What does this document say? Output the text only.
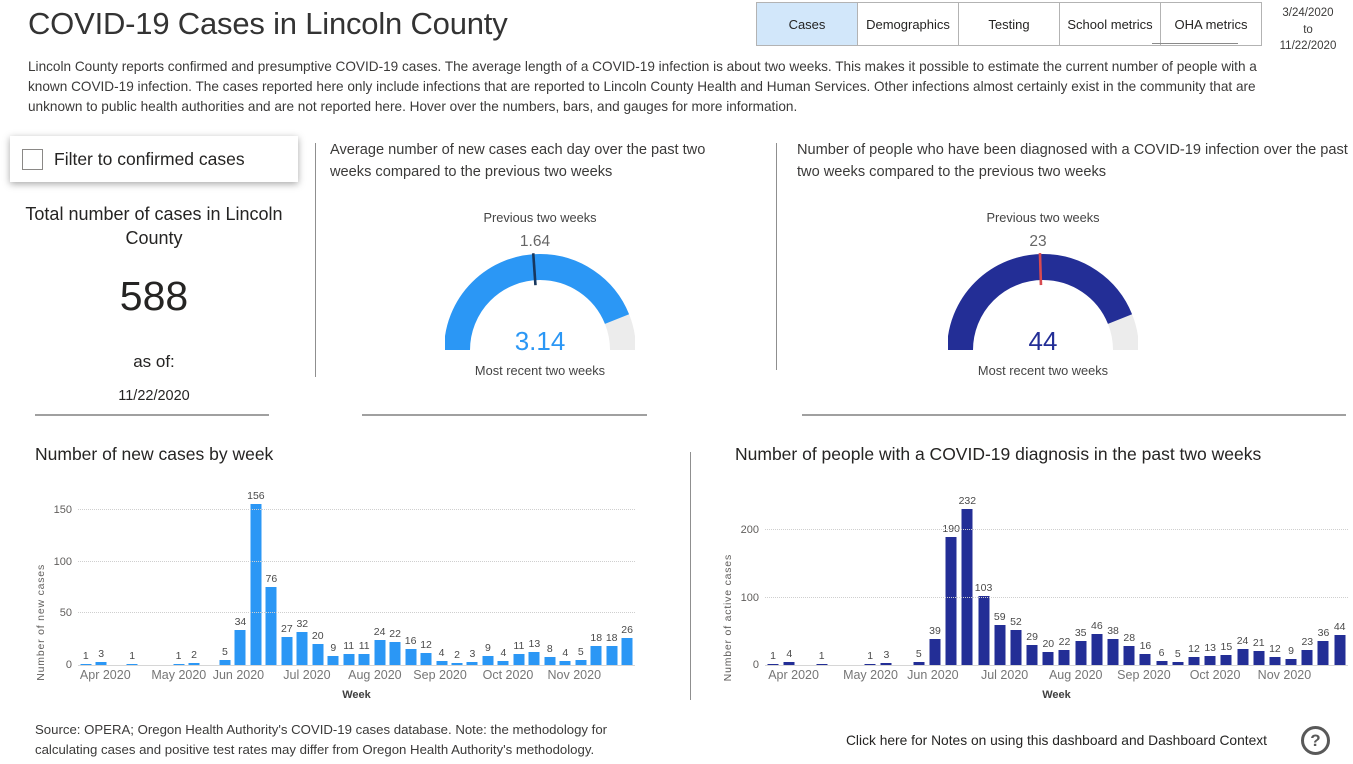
COVID-19 Cases in Lincoln County
Lincoln County reports confirmed and presumptive COVID-19 cases. The average length of a COVID-19 infection is about two weeks. This makes it possible to estimate the current number of people with a known COVID-19 infection. The cases reported here only include infections that are reported to Lincoln County Health and Human Services. Other infections almost certainly exist in the community that are unknown to public health authorities and are not reported here. Hover over the numbers, bars, and gauges for more information.
Cases	Demographics	Testing	School metrics	OHA metrics
3/24/2020
to
11/22/2020
Filter to confirmed cases
Total number of cases in Lincoln County
588
as of:
11/22/2020
Average number of new cases each day over the past two weeks compared to the previous two weeks
Previous two weeks
1.64
3.14
Most recent two weeks
Number of people who have been diagnosed with a COVID-19 infection over the past two weeks compared to the previous two weeks
Previous two weeks
23
44
Most recent two weeks
Number of new cases by week	Number of people with a COVID-19 diagnosis in the past two weeks
Number of new cases 0
50
100
150
1 3 1	1 2 5
34
156
76
27 32
20
9 11 11
24 22
16 12
4 2 3
9 4
11 13 8 4 5
18 18
26
Apr 2020 May 2020 Jun 2020 Jul 2020 Aug 2020 Sep 2020 Oct 2020 Nov 2020
Week
Number of active cases 0
100
200
1 4	1	1 3	5
39
190
232
103
59 52
29
20 22
35
46 38
28
16
6 5 12 13 15
24 21
12 9
23
36 44
Apr 2020 May 2020 Jun 2020 Jul 2020 Aug 2020 Sep 2020 Oct 2020 Nov 2020
Week
Source: OPERA; Oregon Health Authority's COVID-19 cases database. Note: the methodology for calculating cases and positive test rates may differ from Oregon Health Authority's methodology.
Click here for Notes on using this dashboard and Dashboard Context	?
